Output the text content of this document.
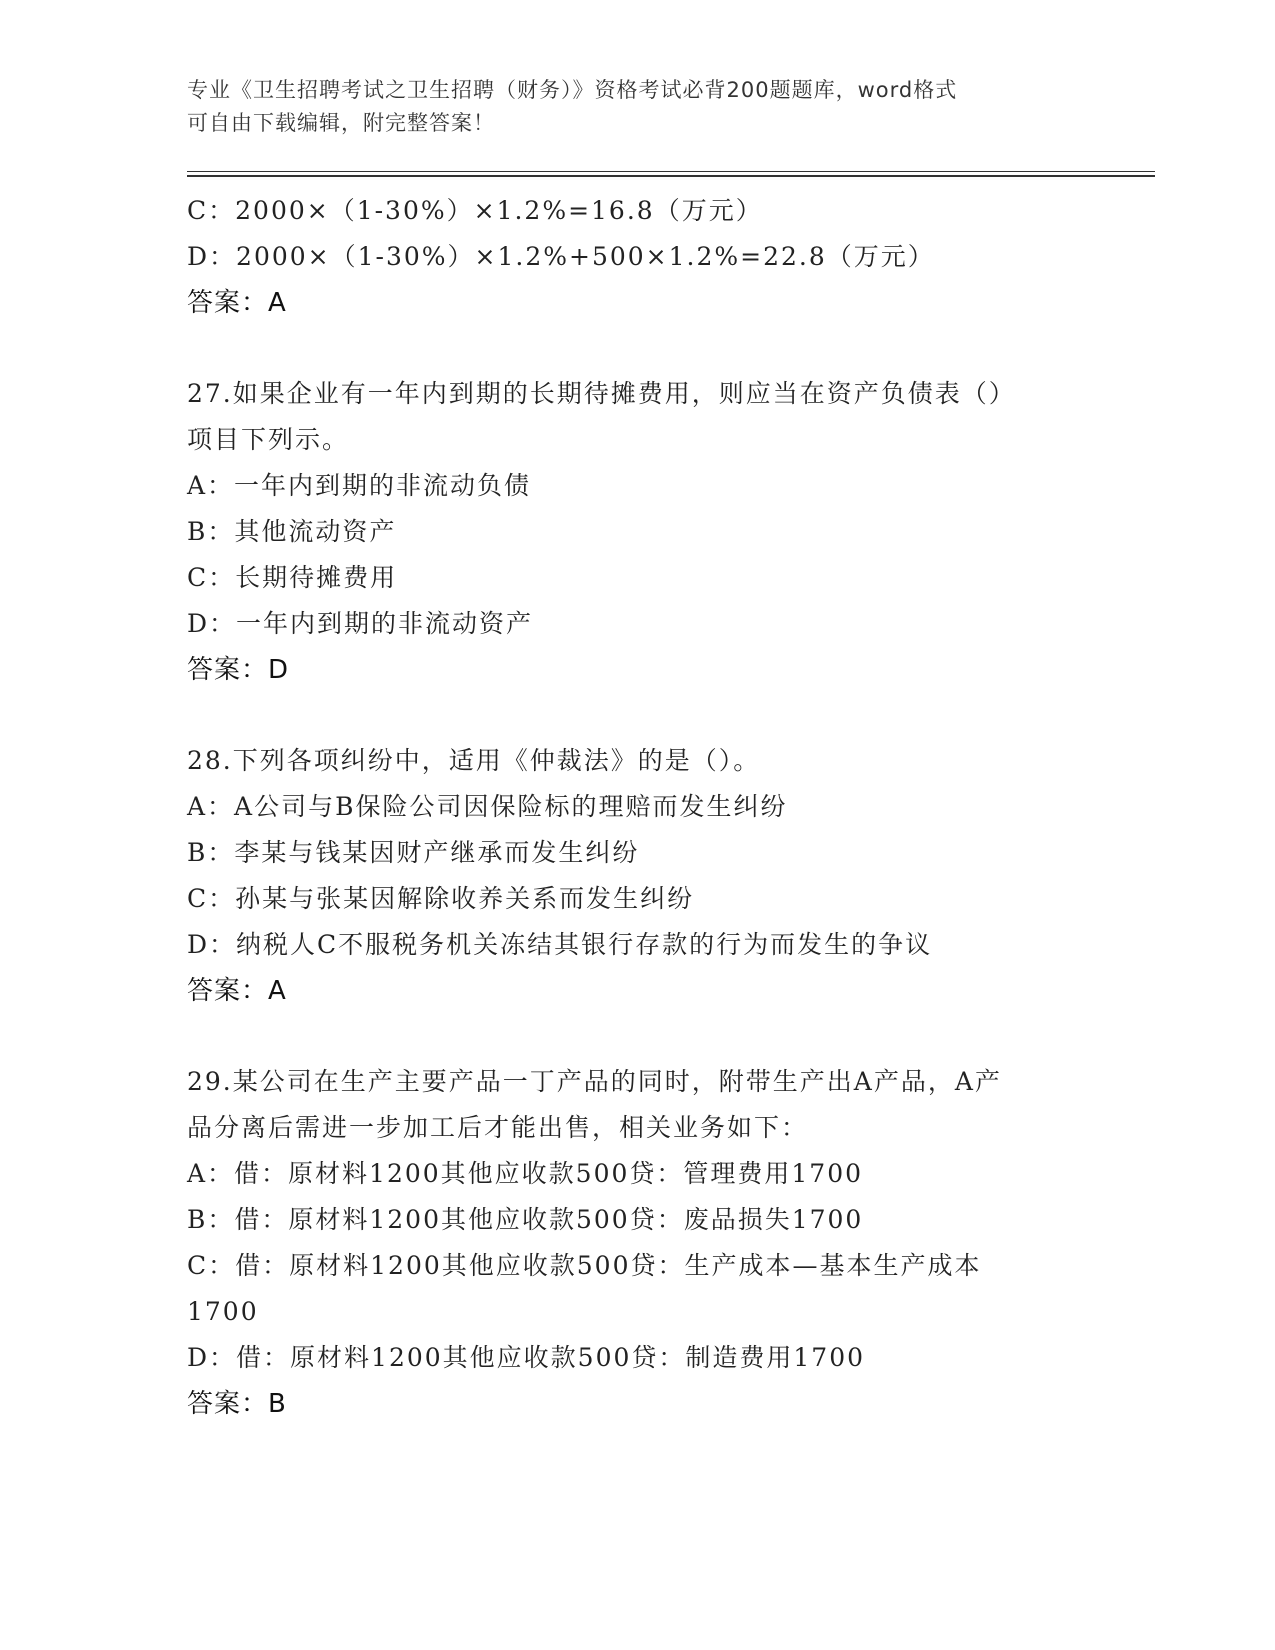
专业《卫生招聘考试之卫生招聘（财务）》资格考试必背200题题库，word格式
可自由下载编辑，附完整答案！
C：2000×（1-30%）×1.2%=16.8（万元）
D：2000×（1-30%）×1.2%+500×1.2%=22.8（万元）
答案：A
27.如果企业有一年内到期的长期待摊费用，则应当在资产负债表（）
项目下列示。
A：一年内到期的非流动负债
B：其他流动资产
C：长期待摊费用
D：一年内到期的非流动资产
答案：D
28.下列各项纠纷中，适用《仲裁法》的是（）。
A：A公司与B保险公司因保险标的理赔而发生纠纷
B：李某与钱某因财产继承而发生纠纷
C：孙某与张某因解除收养关系而发生纠纷
D：纳税人C不服税务机关冻结其银行存款的行为而发生的争议
答案：A
29.某公司在生产主要产品一丁产品的同时，附带生产出A产品，A产
品分离后需进一步加工后才能出售，相关业务如下：
A：借：原材料1200其他应收款500贷：管理费用1700
B：借：原材料1200其他应收款500贷：废品损失1700
C：借：原材料1200其他应收款500贷：生产成本—基本生产成本
1700
D：借：原材料1200其他应收款500贷：制造费用1700
答案：B
